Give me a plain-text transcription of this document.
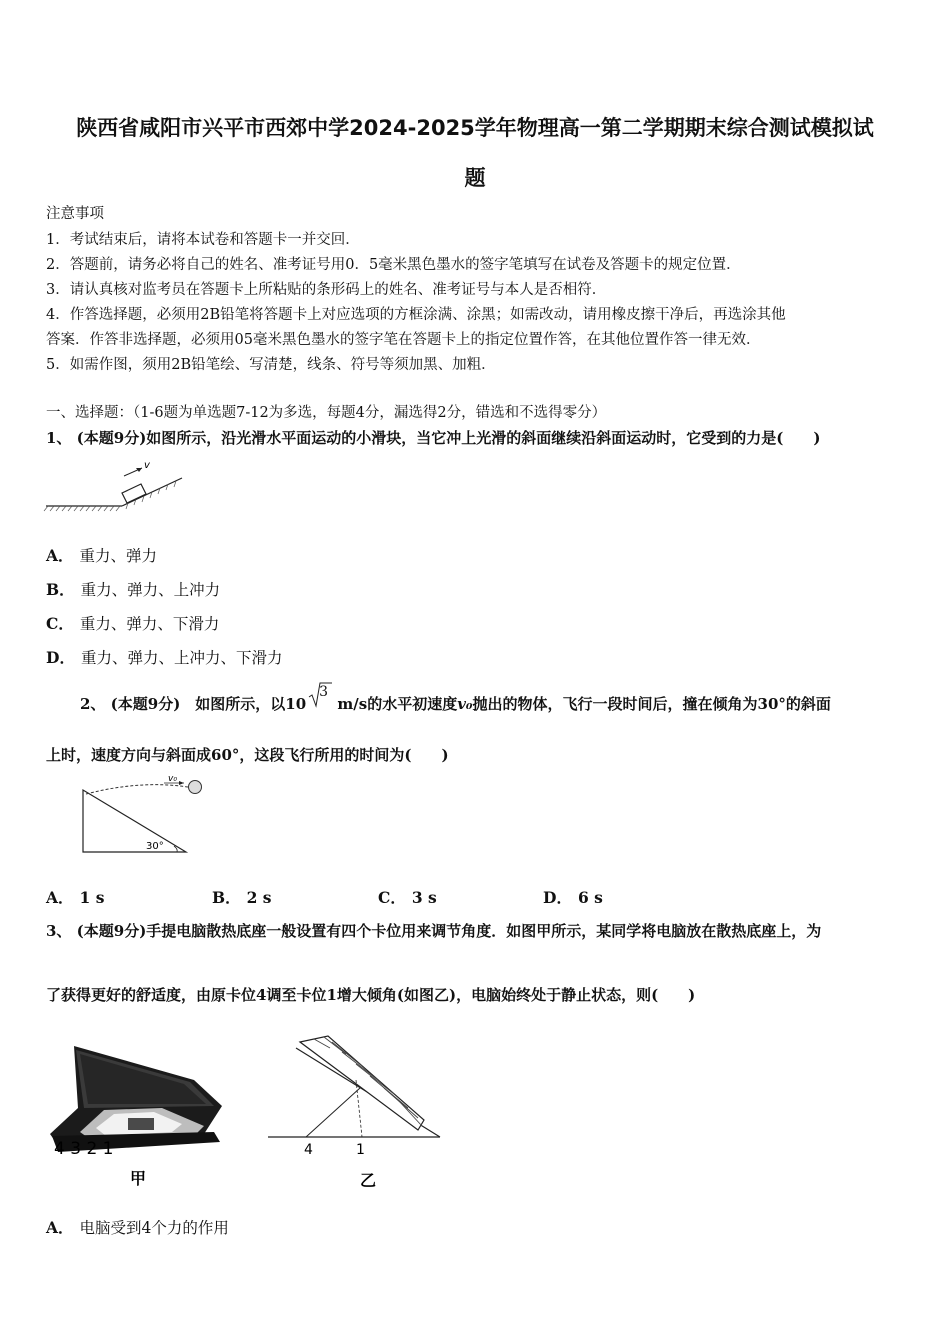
陕西省咸阳市兴平市西郊中学2024-2025学年物理高一第二学期期末综合测试模拟试
题
注意事项
1．考试结束后，请将本试卷和答题卡一并交回．
2．答题前，请务必将自己的姓名、准考证号用0．5毫米黑色墨水的签字笔填写在试卷及答题卡的规定位置．
3．请认真核对监考员在答题卡上所粘贴的条形码上的姓名、准考证号与本人是否相符．
4．作答选择题，必须用2B铅笔将答题卡上对应选项的方框涂满、涂黑；如需改动，请用橡皮擦干净后，再选涂其他
答案．作答非选择题，必须用05毫米黑色墨水的签字笔在答题卡上的指定位置作答，在其他位置作答一律无效．
5．如需作图，须用2B铅笔绘、写清楚，线条、符号等须加黑、加粗．
一、选择题：（1-6题为单选题7-12为多选，每题4分，漏选得2分，错选和不选得零分）
1、 (本题9分)如图所示，沿光滑水平面运动的小滑块，当它冲上光滑的斜面继续沿斜面运动时，它受到的力是(　　)
v
A． 重力、弹力
B． 重力、弹力、上冲力
C． 重力、弹力、下滑力
D． 重力、弹力、上冲力、下滑力
2、 (本题9分)　如图所示，以10
3
m/s的水平初速度v₀抛出的物体，飞行一段时间后，撞在倾角为30°的斜面
上时，速度方向与斜面成60°，这段飞行所用的时间为(　　)
v₀
30°
A． 1 s	B． 2 s	C． 3 s	D． 6 s
3、 (本题9分)手提电脑散热底座一般设置有四个卡位用来调节角度．如图甲所示，某同学将电脑放在散热底座上，为
了获得更好的舒适度，由原卡位4调至卡位1增大倾角(如图乙)，电脑始终处于静止状态，则(　　)
4 3 2 1
甲
4	1
乙
A． 电脑受到4个力的作用
